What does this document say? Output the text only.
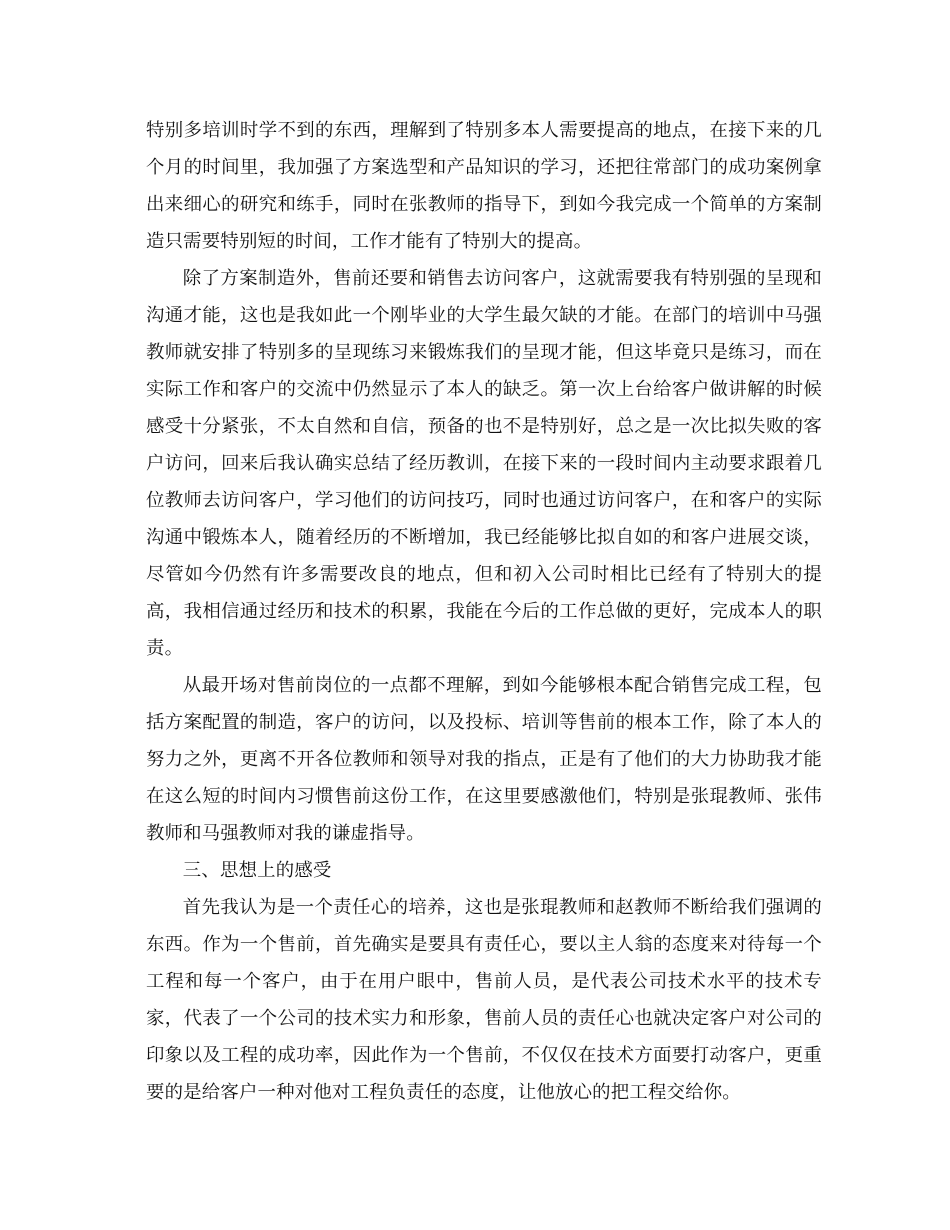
特别多培训时学不到的东西，理解到了特别多本人需要提高的地点，在接下来的几个月的时间里，我加强了方案选型和产品知识的学习，还把往常部门的成功案例拿出来细心的研究和练手，同时在张教师的指导下，到如今我完成一个简单的方案制造只需要特别短的时间，工作才能有了特别大的提高。

除了方案制造外，售前还要和销售去访问客户，这就需要我有特别强的呈现和沟通才能，这也是我如此一个刚毕业的大学生最欠缺的才能。在部门的培训中马强教师就安排了特别多的呈现练习来锻炼我们的呈现才能，但这毕竟只是练习，而在实际工作和客户的交流中仍然显示了本人的缺乏。第一次上台给客户做讲解的时候感受十分紧张，不太自然和自信，预备的也不是特别好，总之是一次比拟失败的客户访问，回来后我认确实总结了经历教训，在接下来的一段时间内主动要求跟着几位教师去访问客户，学习他们的访问技巧，同时也通过访问客户，在和客户的实际沟通中锻炼本人，随着经历的不断增加，我已经能够比拟自如的和客户进展交谈，尽管如今仍然有许多需要改良的地点，但和初入公司时相比已经有了特别大的提高，我相信通过经历和技术的积累，我能在今后的工作总做的更好，完成本人的职责。

从最开场对售前岗位的一点都不理解，到如今能够根本配合销售完成工程，包括方案配置的制造，客户的访问，以及投标、培训等售前的根本工作，除了本人的努力之外，更离不开各位教师和领导对我的指点，正是有了他们的大力协助我才能在这么短的时间内习惯售前这份工作，在这里要感激他们，特别是张琨教师、张伟教师和马强教师对我的谦虚指导。

三、思想上的感受

首先我认为是一个责任心的培养，这也是张琨教师和赵教师不断给我们强调的东西。作为一个售前，首先确实是要具有责任心，要以主人翁的态度来对待每一个工程和每一个客户，由于在用户眼中，售前人员，是代表公司技术水平的技术专家，代表了一个公司的技术实力和形象，售前人员的责任心也就决定客户对公司的印象以及工程的成功率，因此作为一个售前，不仅仅在技术方面要打动客户，更重要的是给客户一种对他对工程负责任的态度，让他放心的把工程交给你。
